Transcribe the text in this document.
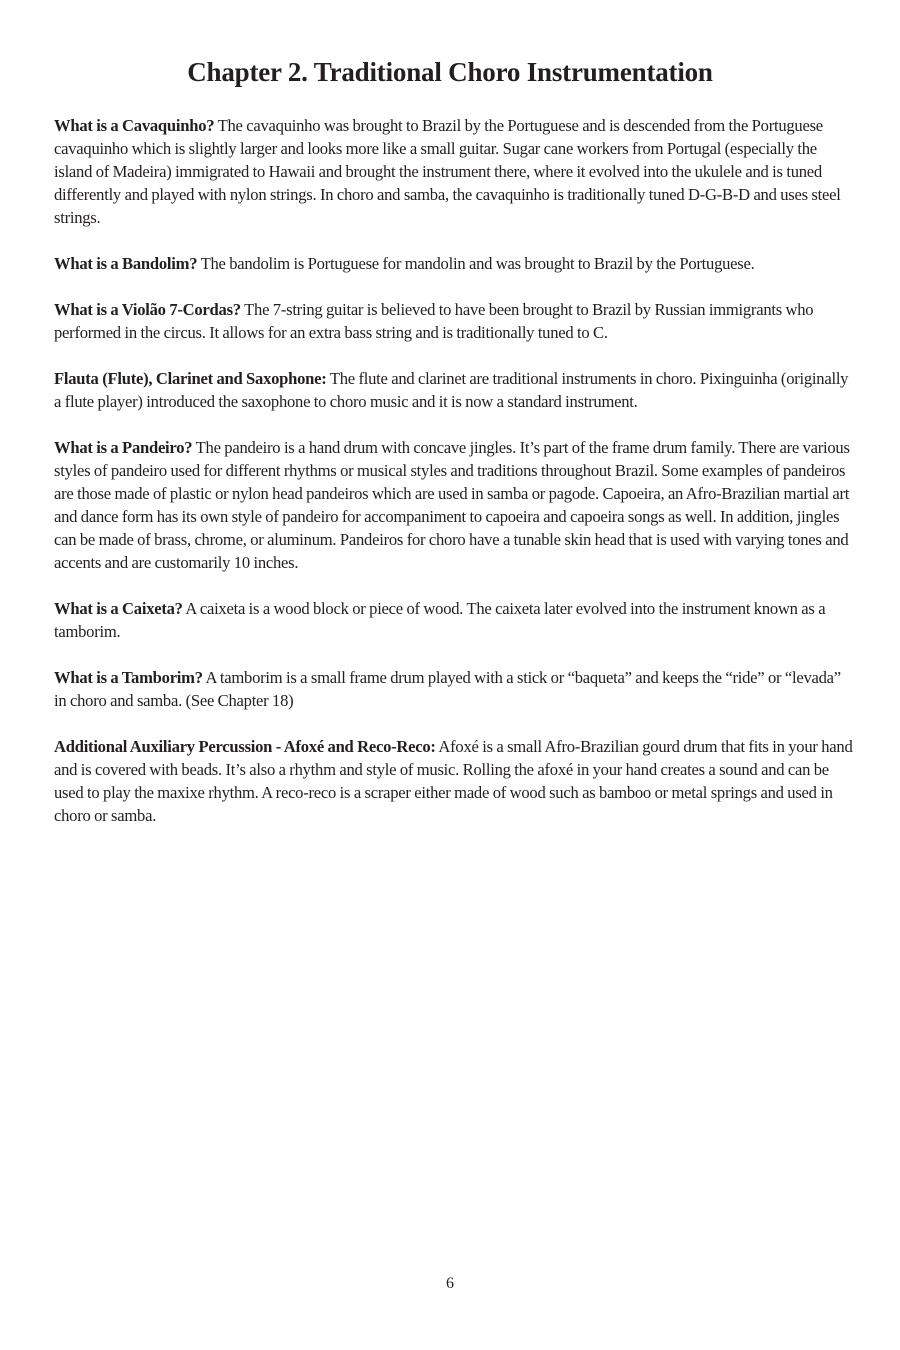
Chapter 2. Traditional Choro Instrumentation

What is a Cavaquinho? The cavaquinho was brought to Brazil by the Portuguese and is descended from the Portuguese cavaquinho which is slightly larger and looks more like a small guitar. Sugar cane workers from Portugal (especially the island of Madeira) immigrated to Hawaii and brought the instrument there, where it evolved into the ukulele and is tuned differently and played with nylon strings. In choro and samba, the cavaquinho is traditionally tuned D-G-B-D and uses steel strings.

What is a Bandolim? The bandolim is Portuguese for mandolin and was brought to Brazil by the Portuguese.

What is a Violão 7-Cordas? The 7-string guitar is believed to have been brought to Brazil by Russian immigrants who performed in the circus. It allows for an extra bass string and is traditionally tuned to C.

Flauta (Flute), Clarinet and Saxophone: The flute and clarinet are traditional instruments in choro. Pixinguinha (originally a flute player) introduced the saxophone to choro music and it is now a standard instrument.

What is a Pandeiro? The pandeiro is a hand drum with concave jingles. It’s part of the frame drum family. There are various styles of pandeiro used for different rhythms or musical styles and traditions throughout Brazil. Some examples of pandeiros are those made of plastic or nylon head pandeiros which are used in samba or pagode. Capoeira, an Afro-Brazilian martial art and dance form has its own style of pandeiro for accompaniment to capoeira and capoeira songs as well. In addition, jingles can be made of brass, chrome, or aluminum. Pandeiros for choro have a tunable skin head that is used with varying tones and accents and are customarily 10 inches.

What is a Caixeta? A caixeta is a wood block or piece of wood. The caixeta later evolved into the instrument known as a tamborim.

What is a Tamborim? A tamborim is a small frame drum played with a stick or “baqueta” and keeps the “ride” or “levada” in choro and samba. (See Chapter 18)

Additional Auxiliary Percussion - Afoxé and Reco-Reco: Afoxé is a small Afro-Brazilian gourd drum that fits in your hand and is covered with beads. It’s also a rhythm and style of music. Rolling the afoxé in your hand creates a sound and can be used to play the maxixe rhythm. A reco-reco is a scraper either made of wood such as bamboo or metal springs and used in choro or samba.

6
